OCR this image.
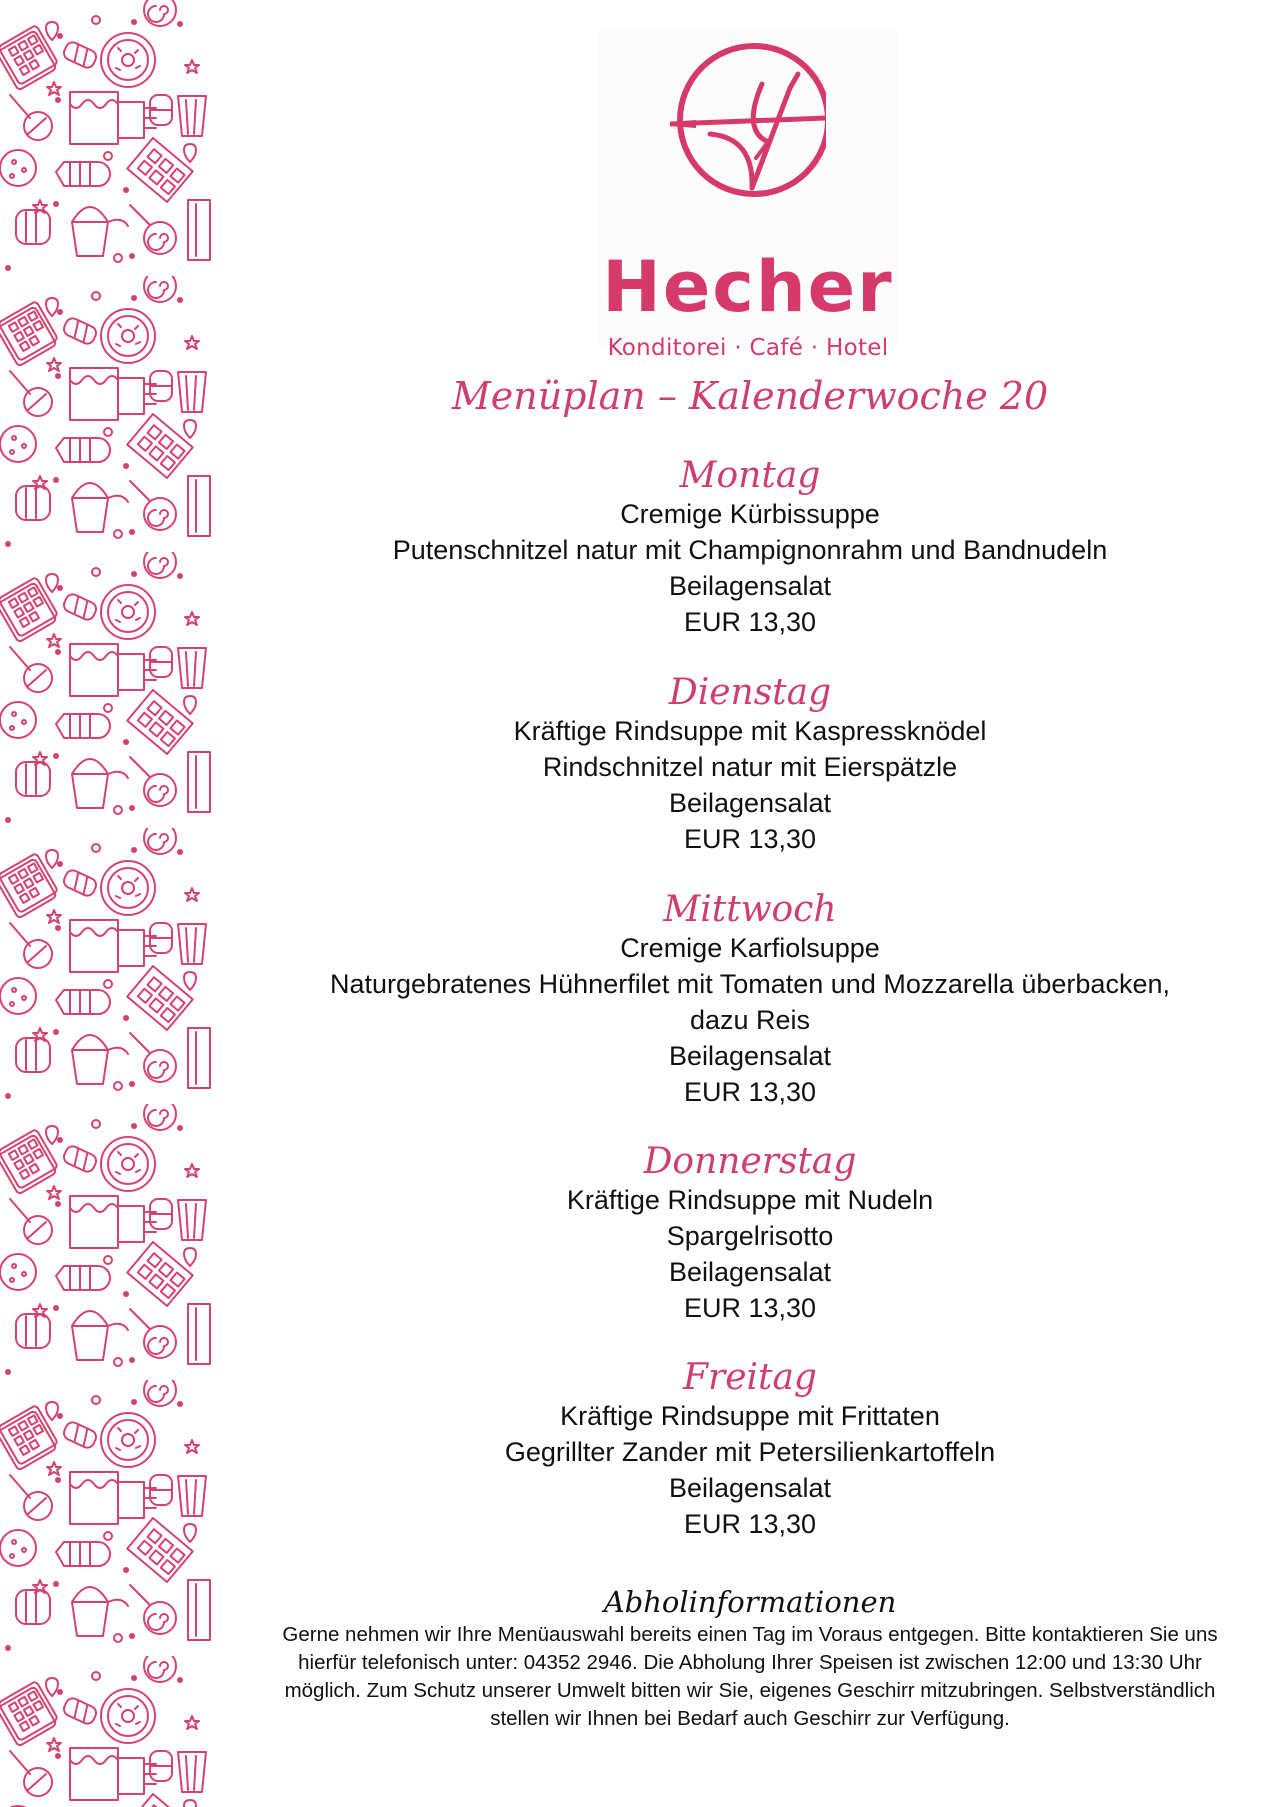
Hecher
Konditorei · Café · Hotel
Menüplan – Kalenderwoche 20
Montag
Cremige Kürbissuppe
Putenschnitzel natur mit Champignonrahm und Bandnudeln
Beilagensalat
EUR 13,30
Dienstag
Kräftige Rindsuppe mit Kaspressknödel
Rindschnitzel natur mit Eierspätzle
Beilagensalat
EUR 13,30
Mittwoch
Cremige Karfiolsuppe
Naturgebratenes Hühnerfilet mit Tomaten und Mozzarella überbacken,
dazu Reis
Beilagensalat
EUR 13,30
Donnerstag
Kräftige Rindsuppe mit Nudeln
Spargelrisotto
Beilagensalat
EUR 13,30
Freitag
Kräftige Rindsuppe mit Frittaten
Gegrillter Zander mit Petersilienkartoffeln
Beilagensalat
EUR 13,30
Abholinformationen
Gerne nehmen wir Ihre Menüauswahl bereits einen Tag im Voraus entgegen. Bitte kontaktieren Sie uns hierfür telefonisch unter: 04352 2946. Die Abholung Ihrer Speisen ist zwischen 12:00 und 13:30 Uhr möglich. Zum Schutz unserer Umwelt bitten wir Sie, eigenes Geschirr mitzubringen. Selbstverständlich stellen wir Ihnen bei Bedarf auch Geschirr zur Verfügung.
